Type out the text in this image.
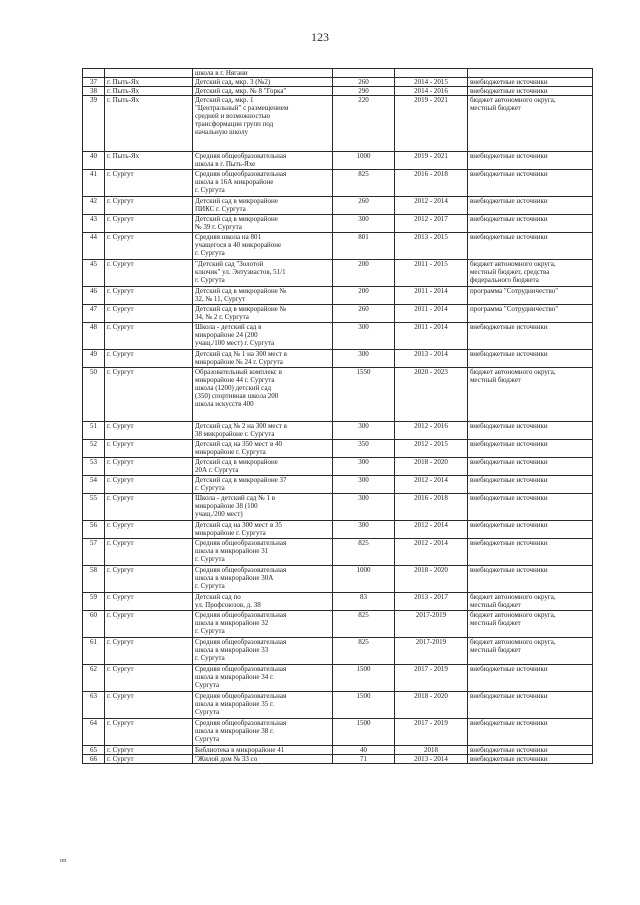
123
		школа в г. Нягани			
37	г. Пыть-Ях	Детский сад, мкр. 3 (№2)	260	2014 - 2015	внебюджетные источники
38	г. Пыть-Ях	Детский сад, мкр. № 8 "Горка"	290	2014 - 2016	внебюджетные источники
39	г. Пыть-Ях	Детский сад, мкр. 1
"Центральный" с размещением
средней и возможностью
трансформации групп под
начальную школу	220	2019 - 2021	бюджет автономного округа,
местный бюджет
40	г. Пыть-Ях	Средняя общеобразовательная
школа в г. Пыть-Яхе	1000	2019 - 2021	внебюджетные источники
41	г. Сургут	Средняя общеобразовательная
школа в 16А микрорайоне
г. Сургута	825	2016 - 2018	внебюджетные источники
42	г. Сургут	Детский сад в микрорайоне
ПИКС г. Сургута	260	2012 - 2014	внебюджетные источники
43	г. Сургут	Детский сад в микрорайоне
№ 39 г. Сургута	300	2012 - 2017	внебюджетные источники
44	г. Сургут	Средняя школа на 801
учащегося в 40 микрорайоне
г. Сургута	801	2013 - 2015	внебюджетные источники
45	г. Сургут	"Детский сад "Золотой
ключик" ул. Энтузиастов, 51/1
г. Сургута	200	2011 - 2015	бюджет автономного округа,
местный бюджет, средства
федерального бюджета
46	г. Сургут	Детский сад в микрорайоне №
32, № 11, Сургут	200	2011 - 2014	программа "Сотрудничество"
47	г. Сургут	Детский сад в микрорайоне №
34, № 2 г. Сургута	260	2011 - 2014	программа "Сотрудничество"
48	г. Сургут	Школа - детский сад в
микрорайоне 24 (200
учащ./100 мест) г. Сургута	300	2011 - 2014	внебюджетные источники
49	г. Сургут	Детский сад № 1 на 300 мест в
микрорайоне № 24 г. Сургута	300	2013 - 2014	внебюджетные источники
50	г. Сургут	Образовательный комплекс в
микрорайоне 44 г. Сургута
школа (1200) детский сад
(350) спортивная школа 200
школа искусств 400	1550	2020 - 2023	бюджет автономного округа,
местный бюджет
51	г. Сургут	Детский сад № 2 на 300 мест в
38 микрорайоне г. Сургута	300	2012 - 2016	внебюджетные источники
52	г. Сургут	Детский сад на 350 мест в 40
микрорайоне г. Сургута	350	2012 - 2015	внебюджетные источники
53	г. Сургут	Детский сад в микрорайоне
20А г. Сургута	300	2018 - 2020	внебюджетные источники
54	г. Сургут	Детский сад в микрорайоне 37
г. Сургута	300	2012 - 2014	внебюджетные источники
55	г. Сургут	Школа - детский сад № 1 в
микрорайоне 38 (100
учащ./200 мест)	300	2016 - 2018	внебюджетные источники
56	г. Сургут	Детский сад на 300 мест в 35
микрорайоне г. Сургута	300	2012 - 2014	внебюджетные источники
57	г. Сургут	Средняя общеобразовательная
школа в микрорайоне 31
г. Сургута	825	2012 - 2014	внебюджетные источники
58	г. Сургут	Средняя общеобразовательная
школа в микрорайоне 30А
г. Сургута	1000	2018 - 2020	внебюджетные источники
59	г. Сургут	Детский сад по
ул. Профсоюзов, д. 38	83	2013 - 2017	бюджет автономного округа,
местный бюджет
60	г. Сургут	Средняя общеобразовательная
школа в микрорайоне 32
г. Сургута	825	2017-2019	бюджет автономного округа,
местный бюджет
61	г. Сургут	Средняя общеобразовательная
школа в микрорайоне 33
г. Сургута	825	2017-2019	бюджет автономного округа,
местный бюджет
62	г. Сургут	Средняя общеобразовательная
школа в микрорайоне 34 г.
Сургута	1500	2017 - 2019	внебюджетные источники
63	г. Сургут	Средняя общеобразовательная
школа в микрорайоне 35 г.
Сургута	1500	2018 - 2020	внебюджетные источники
64	г. Сургут	Средняя общеобразовательная
школа в микрорайоне 38 г.
Сургута	1500	2017 - 2019	внебюджетные источники
65	г. Сургут	Библиотека в микрорайоне 41	40	2018	внебюджетные источники
66	г. Сургут	"Жилой дом № 33 со	71	2013 - 2014	внебюджетные источники
нп
